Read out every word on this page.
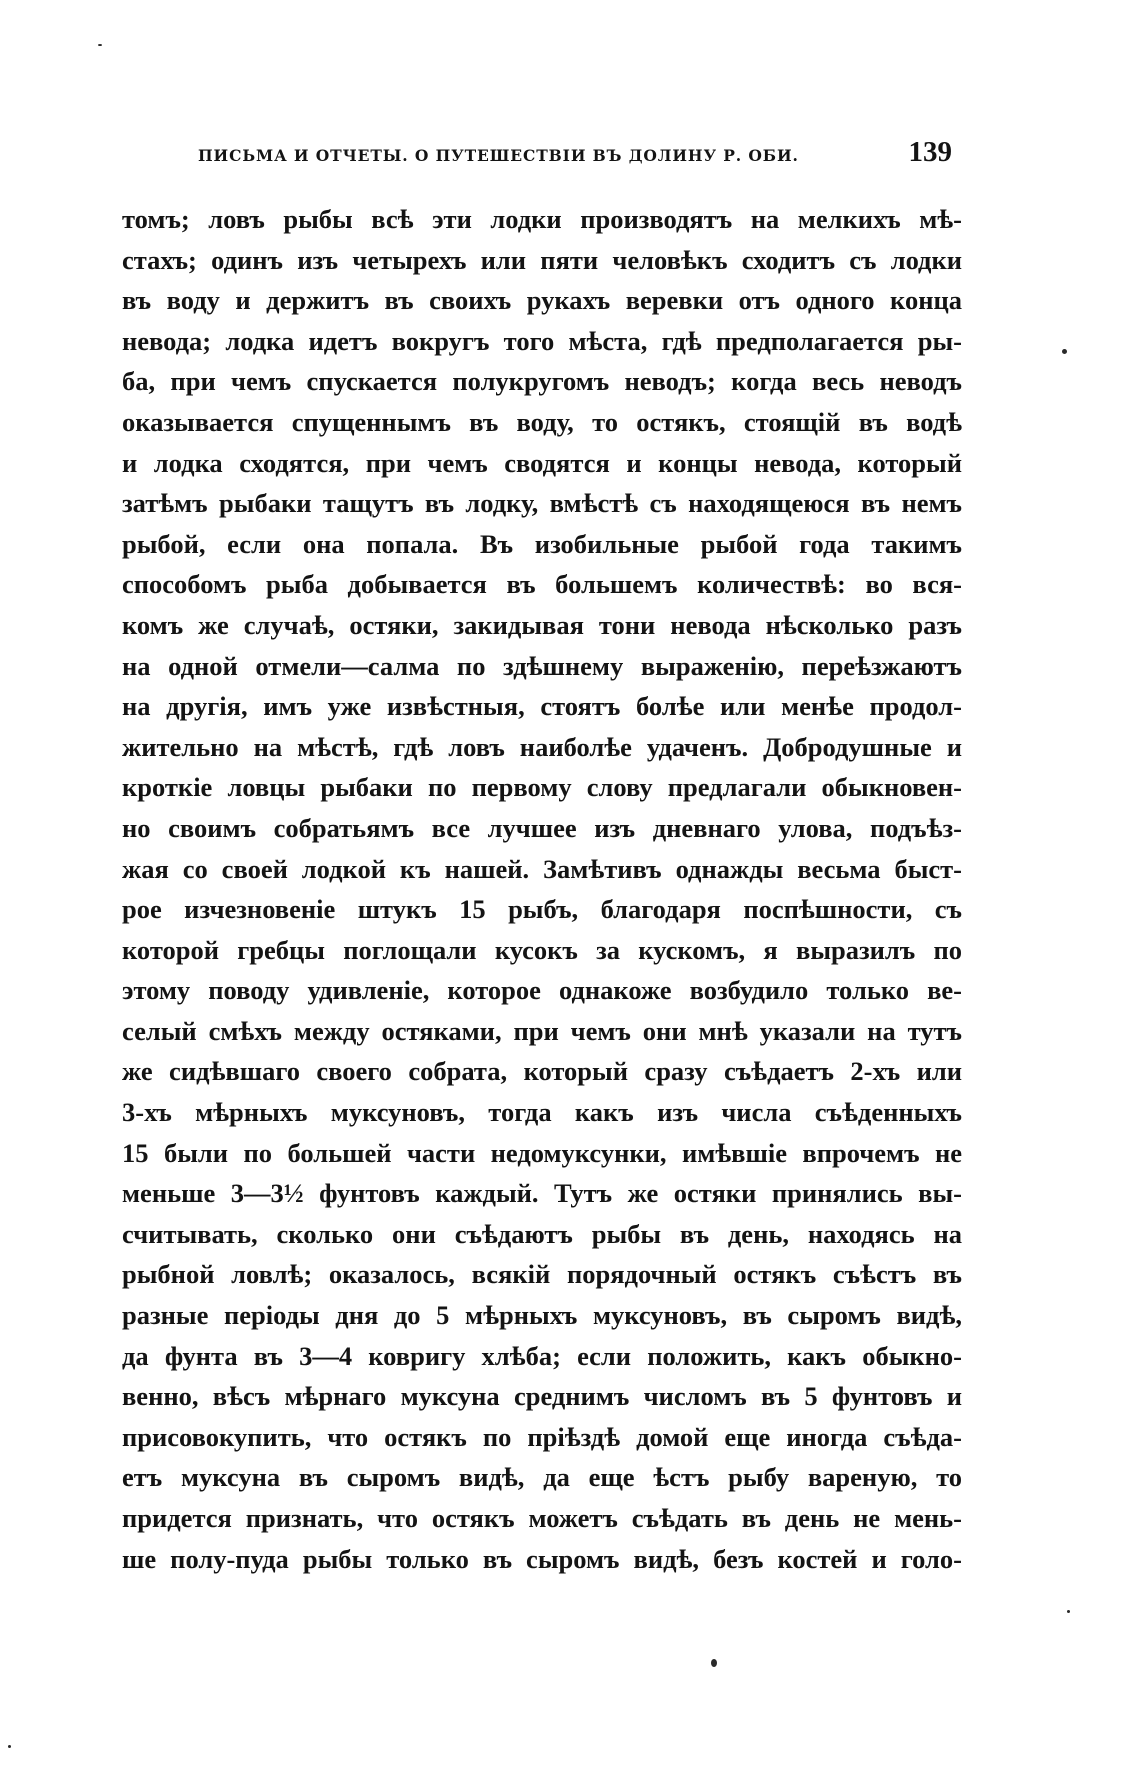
ПИСЬМА И ОТЧЕТЫ. О ПУТЕШЕСТВІИ ВЪ ДОЛИНУ Р. ОБИ.	139
томъ; ловъ рыбы всѣ эти лодки производятъ на мелкихъ мѣ-
стахъ; одинъ изъ четырехъ или пяти человѣкъ сходитъ съ лодки
въ воду и держитъ въ своихъ рукахъ веревки отъ одного конца
невода; лодка идетъ вокругъ того мѣста, гдѣ предполагается ры-
ба, при чемъ спускается полукругомъ неводъ; когда весь неводъ
оказывается спущеннымъ въ воду, то остякъ, стоящій въ водѣ
и лодка сходятся, при чемъ сводятся и концы невода, который
затѣмъ рыбаки тащутъ въ лодку, вмѣстѣ съ находящеюся въ немъ
рыбой, если она попала. Въ изобильные рыбой года такимъ
способомъ рыба добывается въ большемъ количествѣ: во вся-
комъ же случаѣ, остяки, закидывая тони невода нѣсколько разъ
на одной отмели—салма по здѣшнему выраженію, переѣзжаютъ
на другія, имъ уже извѣстныя, стоятъ болѣе или менѣе продол-
жительно на мѣстѣ, гдѣ ловъ наиболѣе удаченъ. Добродушные и
кроткіе ловцы рыбаки по первому слову предлагали обыкновен-
но своимъ собратьямъ все лучшее изъ дневнаго улова, подъѣз-
жая со своей лодкой къ нашей. Замѣтивъ однажды весьма быст-
рое изчезновеніе штукъ 15 рыбъ, благодаря поспѣшности, съ
которой гребцы поглощали кусокъ за кускомъ, я выразилъ по
этому поводу удивленіе, которое однакоже возбудило только ве-
селый смѣхъ между остяками, при чемъ они мнѣ указали на тутъ
же сидѣвшаго своего собрата, который сразу съѣдаетъ 2-хъ или
3-хъ мѣрныхъ муксуновъ, тогда какъ изъ числа съѣденныхъ
15 были по большей части недомуксунки, имѣвшіе впрочемъ не
меньше 3—3½ фунтовъ каждый. Тутъ же остяки принялись вы-
считывать, сколько они съѣдаютъ рыбы въ день, находясь на
рыбной ловлѣ; оказалось, всякій порядочный остякъ съѣстъ въ
разные періоды дня до 5 мѣрныхъ муксуновъ, въ сыромъ видѣ,
да фунта въ 3—4 ковригу хлѣба; если положить, какъ обыкно-
венно, вѣсъ мѣрнаго муксуна среднимъ числомъ въ 5 фунтовъ и
присовокупить, что остякъ по пріѣздѣ домой еще иногда съѣда-
етъ муксуна въ сыромъ видѣ, да еще ѣстъ рыбу вареную, то
придется признать, что остякъ можетъ съѣдать въ день не мень-
ше полу-пуда рыбы только въ сыромъ видѣ, безъ костей и голо-
